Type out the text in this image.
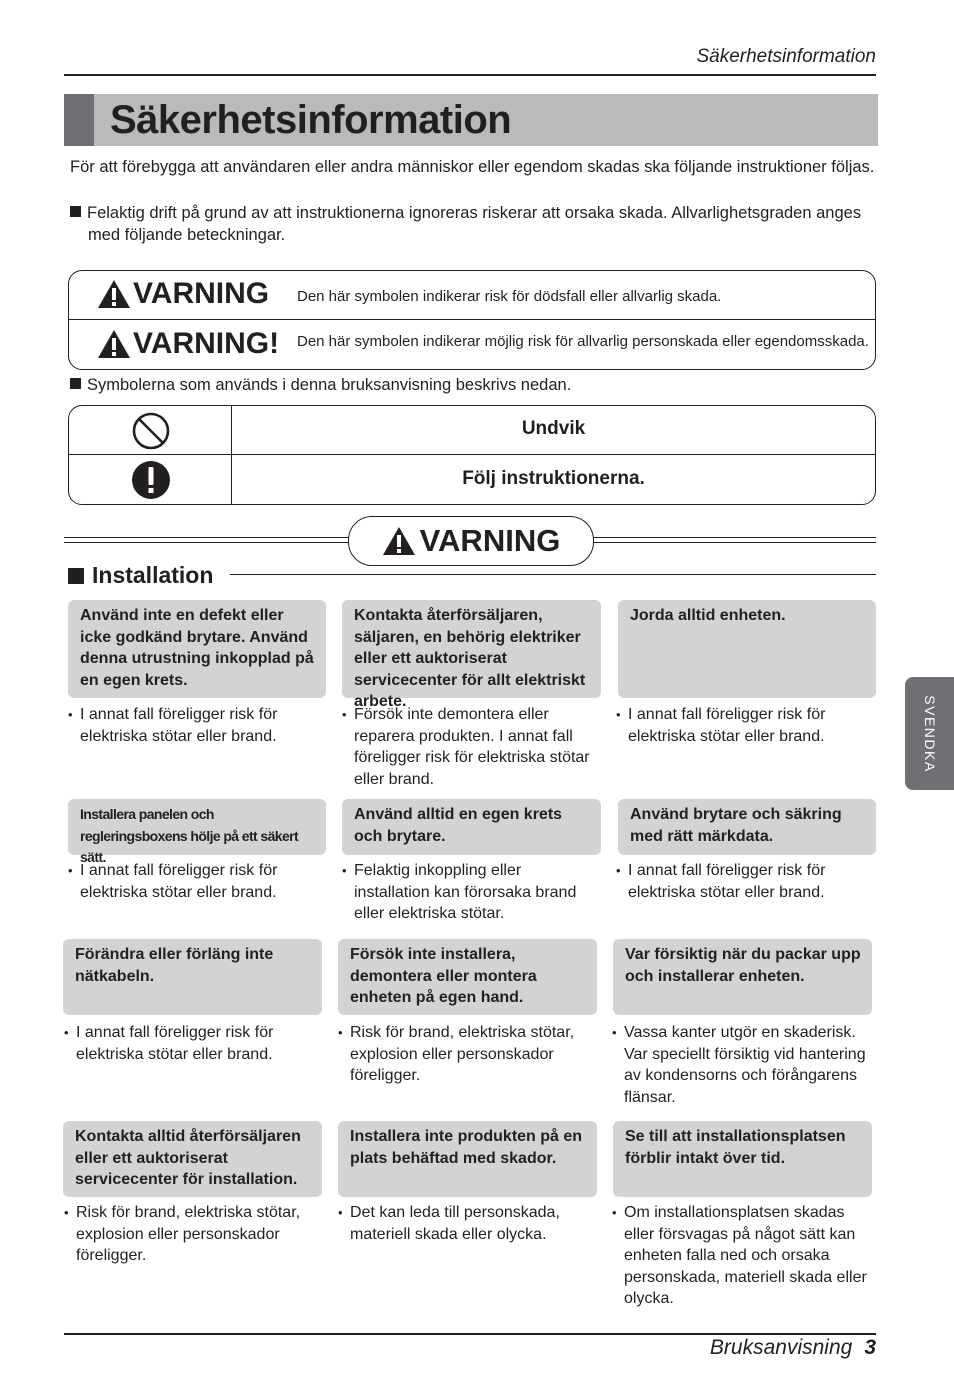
Säkerhetsinformation
Säkerhetsinformation
För att förebygga att användaren eller andra människor eller egendom skadas ska följande instruktioner följas.
Felaktig drift på grund av att instruktionerna ignoreras riskerar att orsaka skada. Allvarlighetsgraden anges med följande beteckningar.
VARNING Den här symbolen indikerar risk för dödsfall eller allvarlig skada.
VARNING! Den här symbolen indikerar möjlig risk för allvarlig personskada eller egendomsskada.
Symbolerna som används i denna bruksanvisning beskrivs nedan.
Undvik
Följ instruktionerna.
VARNING
Installation
Använd inte en defekt eller icke godkänd brytare. Använd denna utrustning inkopplad på en egen krets.
Kontakta återförsäljaren, säljaren, en behörig elektriker eller ett auktoriserat servicecenter för allt elektriskt arbete.
Jorda alltid enheten.
• I annat fall föreligger risk för elektriska stötar eller brand.
• Försök inte demontera eller reparera produkten. I annat fall föreligger risk för elektriska stötar eller brand.
• I annat fall föreligger risk för elektriska stötar eller brand.
Installera panelen och regleringsboxens hölje på ett säkert sätt.
Använd alltid en egen krets och brytare.
Använd brytare och säkring med rätt märkdata.
• I annat fall föreligger risk för elektriska stötar eller brand.
• Felaktig inkoppling eller installation kan förorsaka brand eller elektriska stötar.
• I annat fall föreligger risk för elektriska stötar eller brand.
Förändra eller förläng inte nätkabeln.
Försök inte installera, demontera eller montera enheten på egen hand.
Var försiktig när du packar upp och installerar enheten.
• I annat fall föreligger risk för elektriska stötar eller brand.
• Risk för brand, elektriska stötar, explosion eller personskador föreligger.
• Vassa kanter utgör en skaderisk. Var speciellt försiktig vid hantering av kondensorns och förångarens flänsar.
Kontakta alltid återförsäljaren eller ett auktoriserat servicecenter för installation.
Installera inte produkten på en plats behäftad med skador.
Se till att installationsplatsen förblir intakt över tid.
• Risk för brand, elektriska stötar, explosion eller personskador föreligger.
• Det kan leda till personskada, materiell skada eller olycka.
• Om installationsplatsen skadas eller försvagas på något sätt kan enheten falla ned och orsaka personskada, materiell skada eller olycka.
SVENDKA
Bruksanvisning 3
